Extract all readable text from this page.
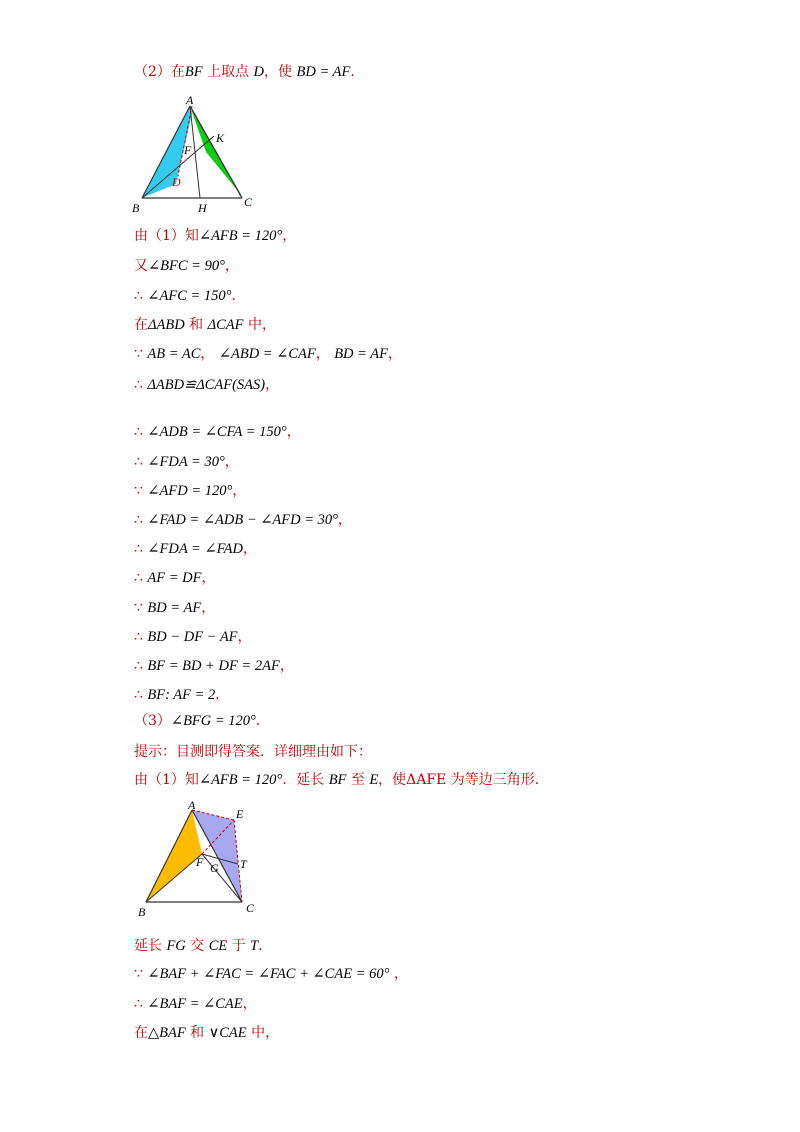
（2）在BF 上取点 D，使 BD = AF．
由（1）知∠AFB = 120°，
又∠BFC = 90°，
∴ ∠AFC = 150°．
在ΔABD 和 ΔCAF 中，
∵ AB = AC， ∠ABD = ∠CAF， BD = AF，
∴ ΔABD≌ΔCAF(SAS)，
∴ ∠ADB = ∠CFA = 150°，
∴ ∠FDA = 30°，
∵ ∠AFD = 120°，
∴ ∠FAD = ∠ADB − ∠AFD = 30°，
∴ ∠FDA = ∠FAD，
∴ AF = DF，
∵ BD = AF，
∴ BD − DF − AF，
∴ BF = BD + DF = 2AF，
∴ BF: AF = 2．
（3）∠BFG = 120°．
提示：目测即得答案．详细理由如下：
由（1）知∠AFB = 120°．延长 BF 至 E，使ΔAFE 为等边三角形．
延长 FG 交 CE 于 T．
∵ ∠BAF + ∠FAC = ∠FAC + ∠CAE = 60° ，
∴ ∠BAF = ∠CAE，
在△BAF 和 ∨CAE 中，
A
B	C
D
F
H
K
A
B	C
E
F G T
